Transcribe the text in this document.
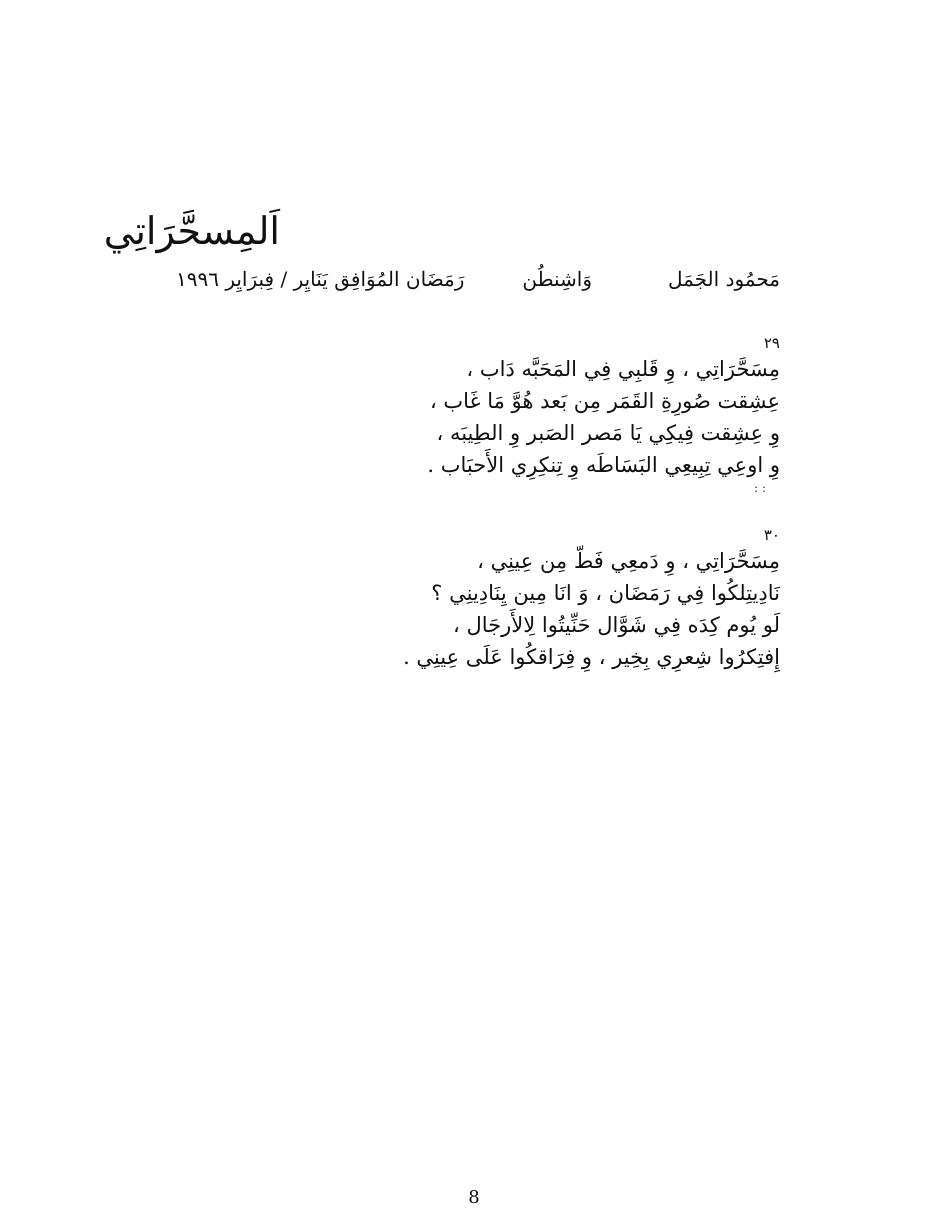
اَلمِسحَّرَاتِي
مَحمُود الجَمَل
وَاشِنطُن
رَمَضَان المُوَافِق يَنَايِر / فِبرَايِر ١٩٩٦
٢٩
مِسَحَّرَاتِي ، وِ قَلبِي فِي المَحَبَّه دَاب ،
عِشِقت صُورِةِ القَمَر مِن بَعد هُوَّ مَا غَاب ،
وِ عِشِقت فِيكِي يَا مَصر الصَبر وِ الطِيبَه ،
وِ اوعِي تِبِيعِي البَسَاطَه وِ تِنكِرِي الأَحبَاب .
: :
٣٠
مِسَحَّرَاتِي ، وِ دَمعِي فَطّ مِن عِينِي ،
نَادِيتِلكُوا فِي رَمَضَان ، وَ انَا مِين يِنَادِينِي ؟
لَو يُوم كِدَه فِي شَوَّال حَنِّيتُوا لِالأَرجَال ،
إِفتِكرُوا شِعرِي بِخِير ، وِ فِرَاقكُوا عَلَى عِينِي .
8
